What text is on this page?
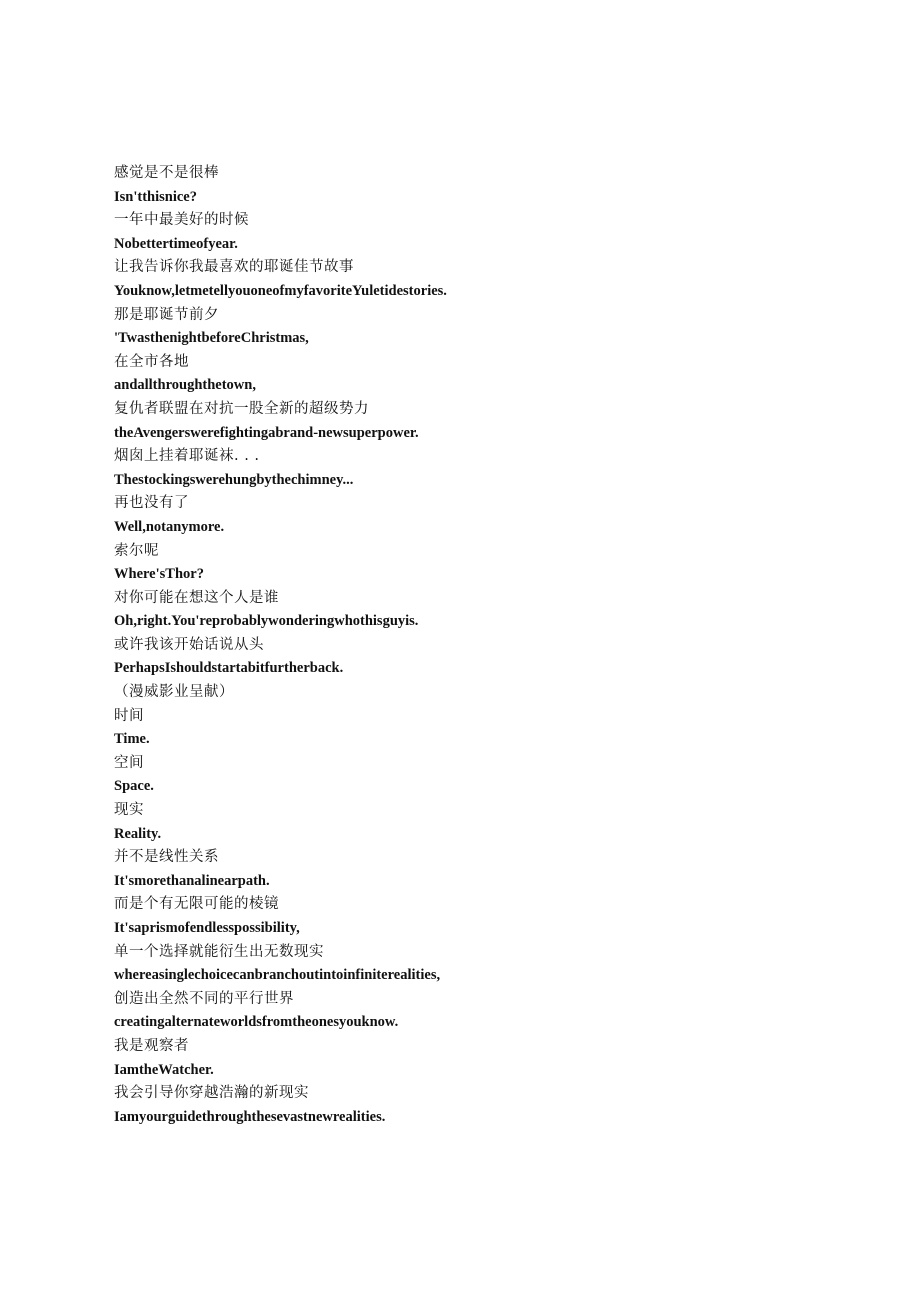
感觉是不是很棒
Isn'tthisnice?
一年中最美好的时候
Nobettertimeofyear.
让我告诉你我最喜欢的耶诞佳节故事
Youknow,letmetellyouoneofmyfavoriteYuletidestories.
那是耶诞节前夕
'TwasthenightbeforeChristmas,
在全市各地
andallthroughthetown,
复仇者联盟在对抗一股全新的超级势力
theAvengerswerefightingabrand-newsuperpower.
烟囱上挂着耶诞袜. . .
Thestockingswerehungbythechimney...
再也没有了
Well,notanymore.
索尔呢
Where'sThor?
对你可能在想这个人是谁
Oh,right.You'reprobablywonderingwhothisguyis.
或许我该开始话说从头
PerhapsIshouldstartabitfurtherback.
（漫威影业呈献）
时间
Time.
空间
Space.
现实
Reality.
并不是线性关系
It'smorethanalinearpath.
而是个有无限可能的棱镜
It'saprismofendlesspossibility,
单一个选择就能衍生出无数现实
whereasinglechoicecanbranchoutintoinfiniterealities,
创造出全然不同的平行世界
creatingalternateworldsfromtheonesyouknow.
我是观察者
IamtheWatcher.
我会引导你穿越浩瀚的新现实
Iamyourguidethroughthesevastnewrealities.
